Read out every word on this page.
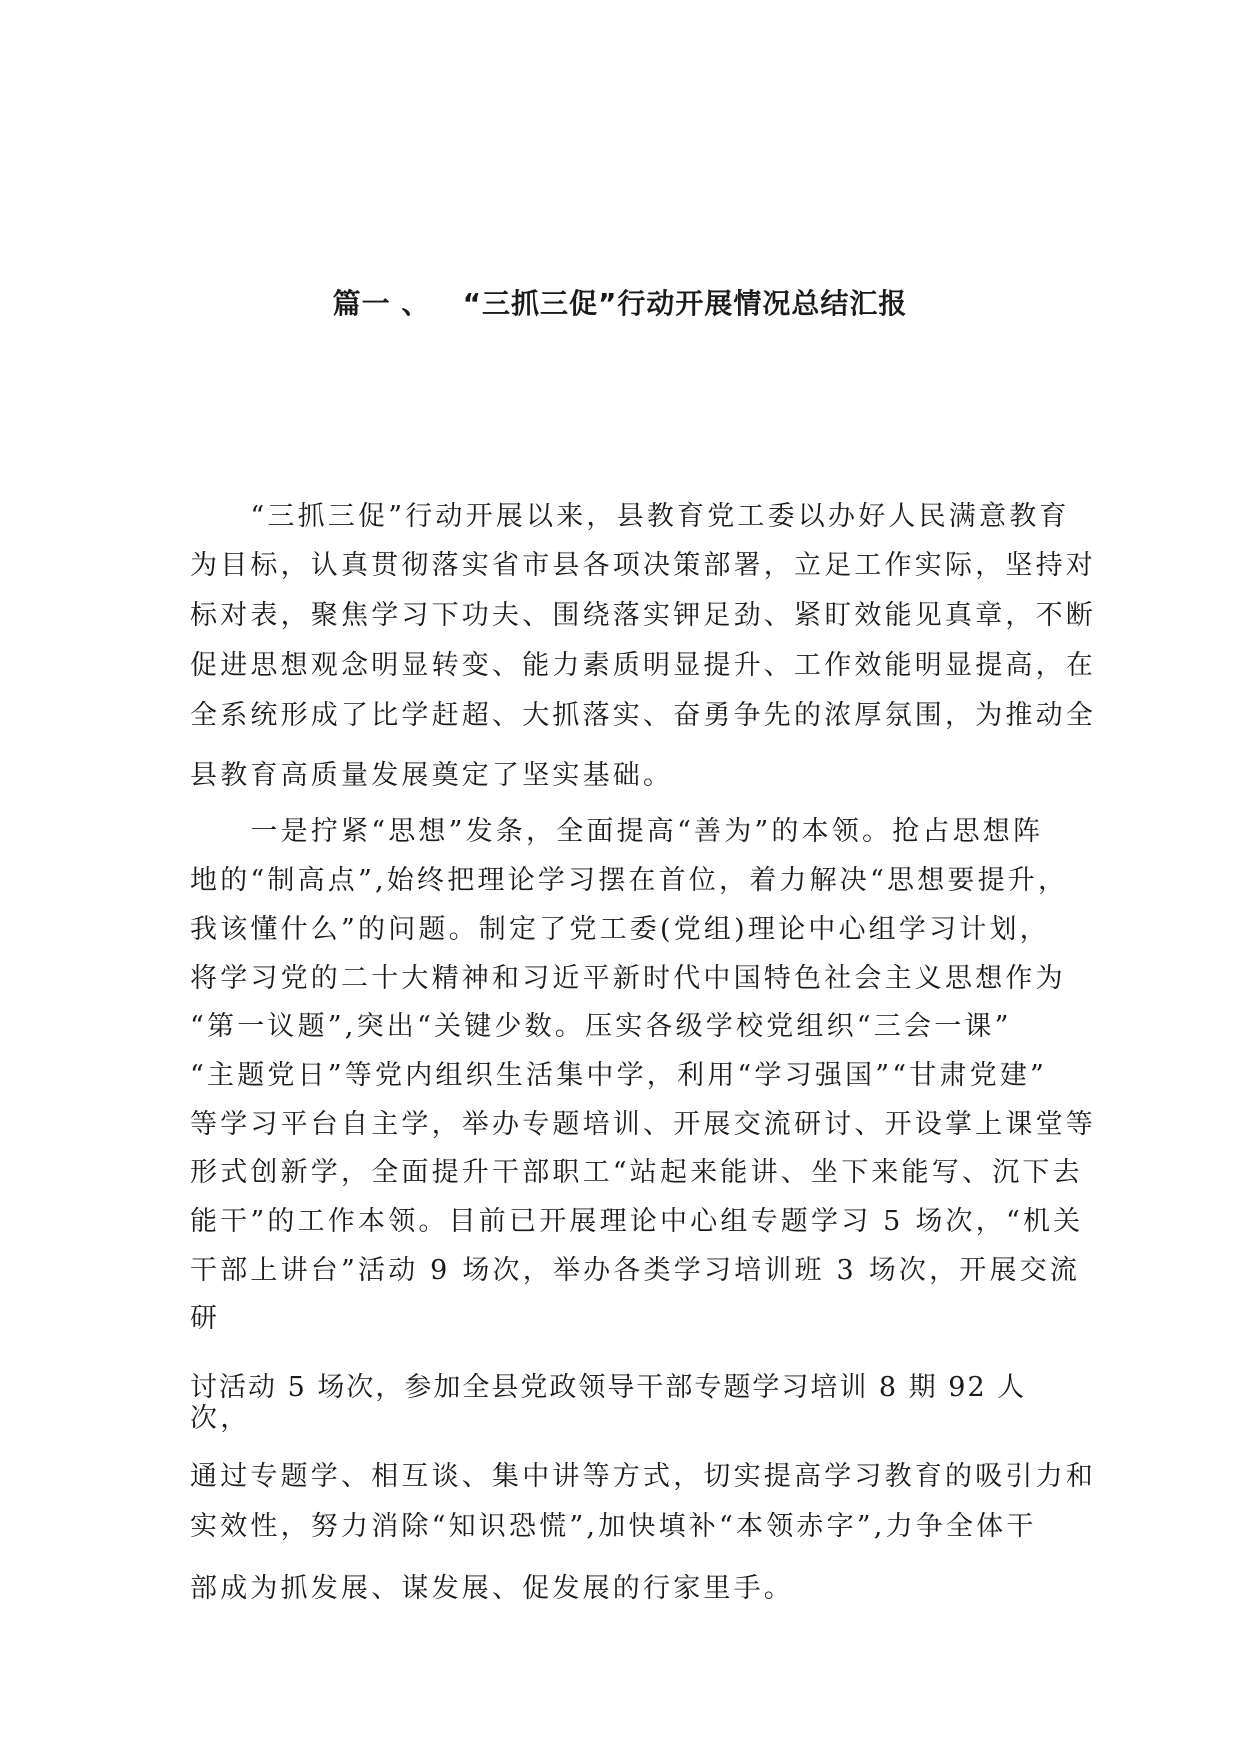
篇一 、   “三抓三促”行动开展情况总结汇报

　　“三抓三促”行动开展以来，县教育党工委以办好人民满意教育

为目标，认真贯彻落实省市县各项决策部署，立足工作实际，坚持对

标对表，聚焦学习下功夫、围绕落实钾足劲、紧盯效能见真章，不断

促进思想观念明显转变、能力素质明显提升、工作效能明显提高，在

全系统形成了比学赶超、大抓落实、奋勇争先的浓厚氛围，为推动全

县教育高质量发展奠定了坚实基础。

　　一是拧紧“思想”发条，全面提高“善为”的本领。抢占思想阵

地的“制高点”,始终把理论学习摆在首位，着力解决“思想要提升，

我该懂什么”的问题。制定了党工委(党组)理论中心组学习计划，

将学习党的二十大精神和习近平新时代中国特色社会主义思想作为

“第一议题”,突出“关键少数。压实各级学校党组织“三会一课”

“主题党日”等党内组织生活集中学，利用“学习强国”“甘肃党建”

等学习平台自主学，举办专题培训、开展交流研讨、开设掌上课堂等

形式创新学，全面提升干部职工“站起来能讲、坐下来能写、沉下去

能干”的工作本领。目前已开展理论中心组专题学习 5 场次，“机关

干部上讲台”活动 9 场次，举办各类学习培训班 3 场次，开展交流

研

讨活动 5 场次，参加全县党政领导干部专题学习培训 8 期 92 人

次，

通过专题学、相互谈、集中讲等方式，切实提高学习教育的吸引力和

实效性，努力消除“知识恐慌”,加快填补“本领赤字”,力争全体干

部成为抓发展、谋发展、促发展的行家里手。
